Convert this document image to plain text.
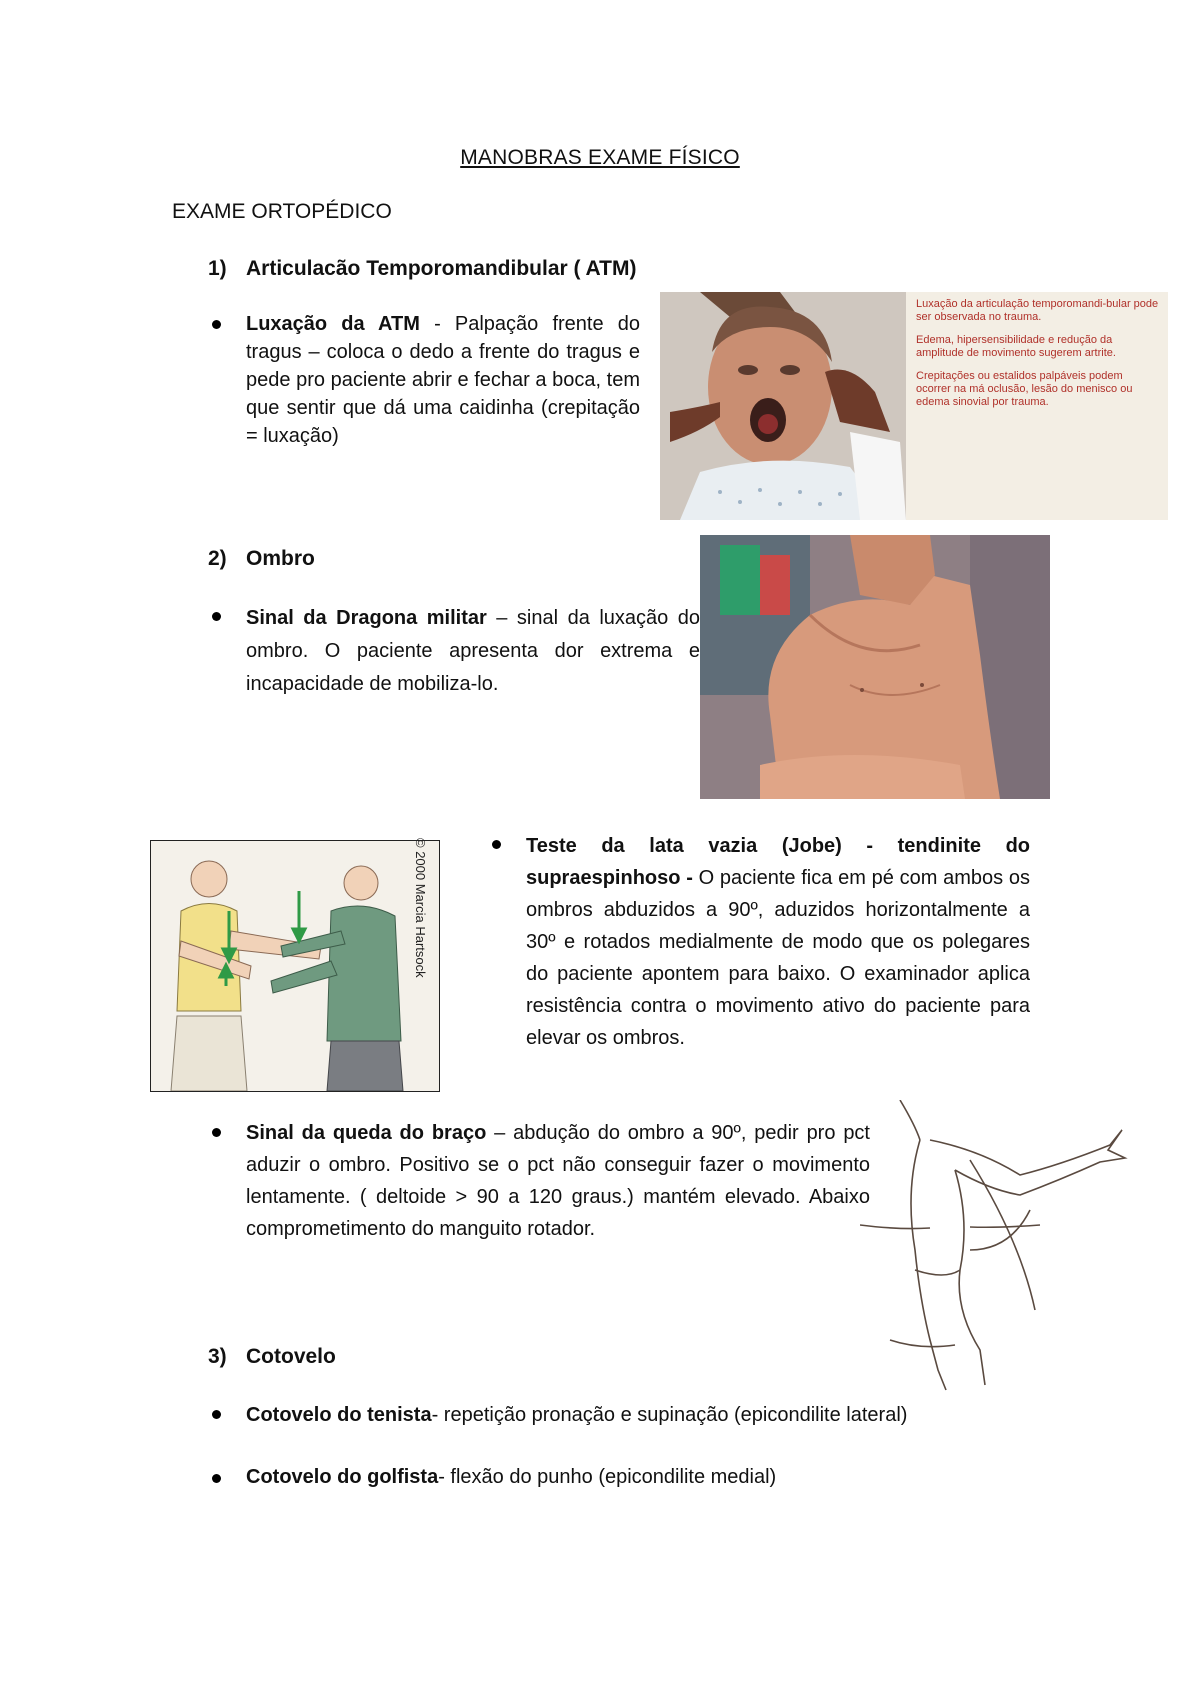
MANOBRAS EXAME FÍSICO
EXAME ORTOPÉDICO
1) Articulacão Temporomandibular ( ATM)
Luxação da ATM - Palpação frente do tragus – coloca o dedo a frente do tragus e pede pro paciente abrir e fechar a boca, tem que sentir que dá uma caidinha (crepitação = luxação)
Luxação da articulação temporomandi-bular pode ser observada no trauma.
Edema, hipersensibilidade e redução da amplitude de movimento sugerem artrite.
Crepitações ou estalidos palpáveis podem ocorrer na má oclusão, lesão do menisco ou edema sinovial por trauma.
2) Ombro
Sinal da Dragona militar – sinal da luxação do ombro. O paciente apresenta dor extrema e incapacidade de mobiliza-lo.
© 2000 Marcia Hartsock	Teste da lata vazia (Jobe) - tendinite do supraespinhoso - O paciente fica em pé com ambos os ombros abduzidos a 90º, aduzidos horizontalmente a 30º e rotados medialmente de modo que os polegares do paciente apontem para baixo. O examinador aplica resistência contra o movimento ativo do paciente para elevar os ombros.
Sinal da queda do braço – abdução do ombro a 90º, pedir pro pct aduzir o ombro. Positivo se o pct não conseguir fazer o movimento lentamente. ( deltoide > 90 a 120 graus.) mantém elevado. Abaixo comprometimento do manguito rotador.
3) Cotovelo
Cotovelo do tenista- repetição pronação e supinação (epicondilite lateral)
Cotovelo do golfista- flexão do punho (epicondilite medial)
